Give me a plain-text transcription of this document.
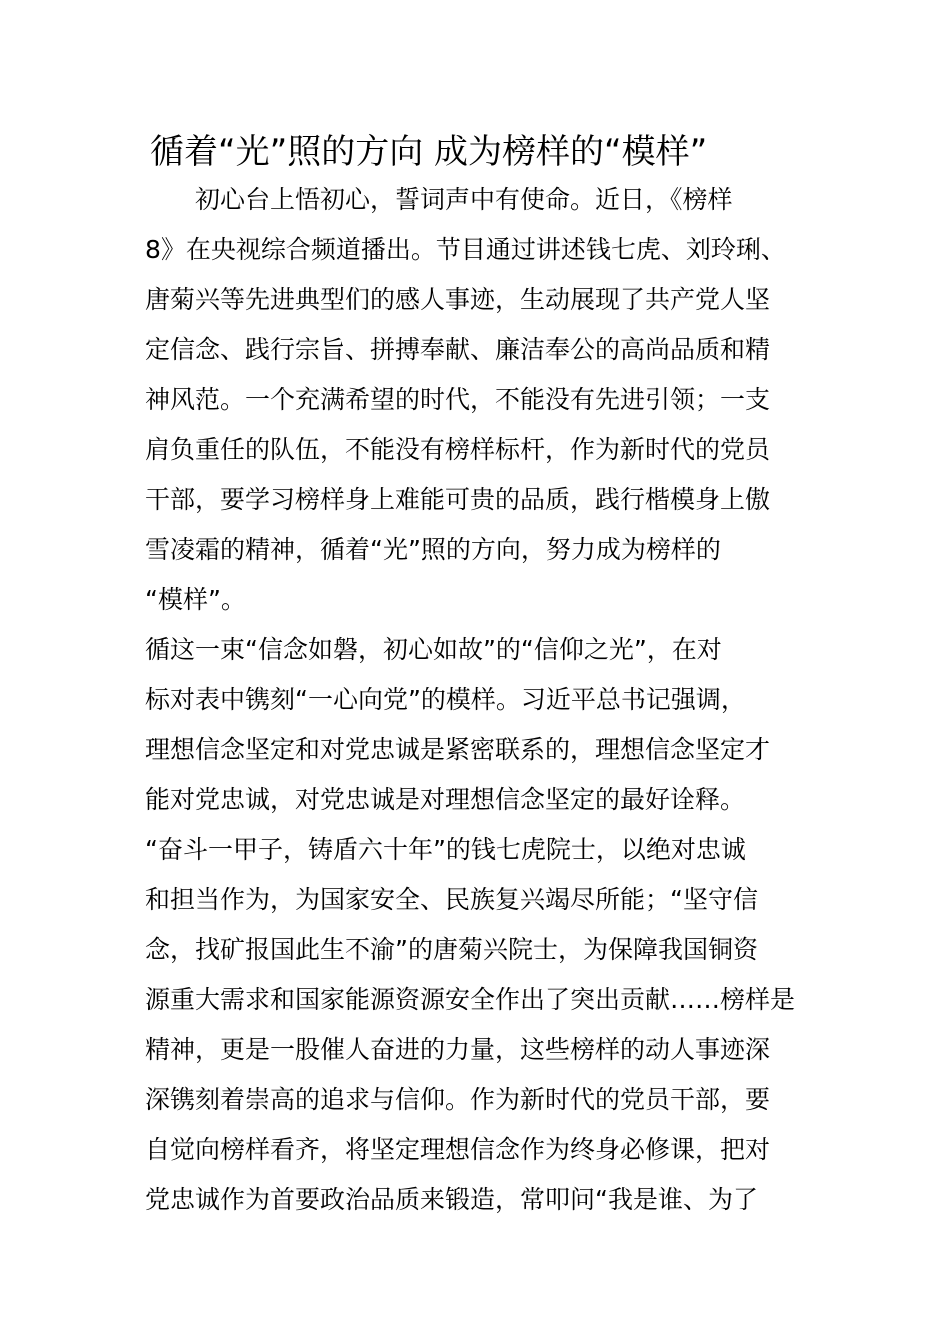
循着“光”照的方向 成为榜样的“模样”
　　初心台上悟初心，誓词声中有使命。近日，《榜样
8》在央视综合频道播出。节目通过讲述钱七虎、刘玲琍、
唐菊兴等先进典型们的感人事迹，生动展现了共产党人坚
定信念、践行宗旨、拼搏奉献、廉洁奉公的高尚品质和精
神风范。一个充满希望的时代，不能没有先进引领；一支
肩负重任的队伍，不能没有榜样标杆，作为新时代的党员
干部，要学习榜样身上难能可贵的品质，践行楷模身上傲
雪凌霜的精神，循着“光”照的方向，努力成为榜样的
“模样”。
循这一束“信念如磐，初心如故”的“信仰之光”，在对
标对表中镌刻“一心向党”的模样。习近平总书记强调，
理想信念坚定和对党忠诚是紧密联系的，理想信念坚定才
能对党忠诚，对党忠诚是对理想信念坚定的最好诠释。
“奋斗一甲子，铸盾六十年”的钱七虎院士，以绝对忠诚
和担当作为，为国家安全、民族复兴竭尽所能；“坚守信
念，找矿报国此生不渝”的唐菊兴院士，为保障我国铜资
源重大需求和国家能源资源安全作出了突出贡献……榜样是
精神，更是一股催人奋进的力量，这些榜样的动人事迹深
深镌刻着崇高的追求与信仰。作为新时代的党员干部，要
自觉向榜样看齐，将坚定理想信念作为终身必修课，把对
党忠诚作为首要政治品质来锻造，常叩问“我是谁、为了
